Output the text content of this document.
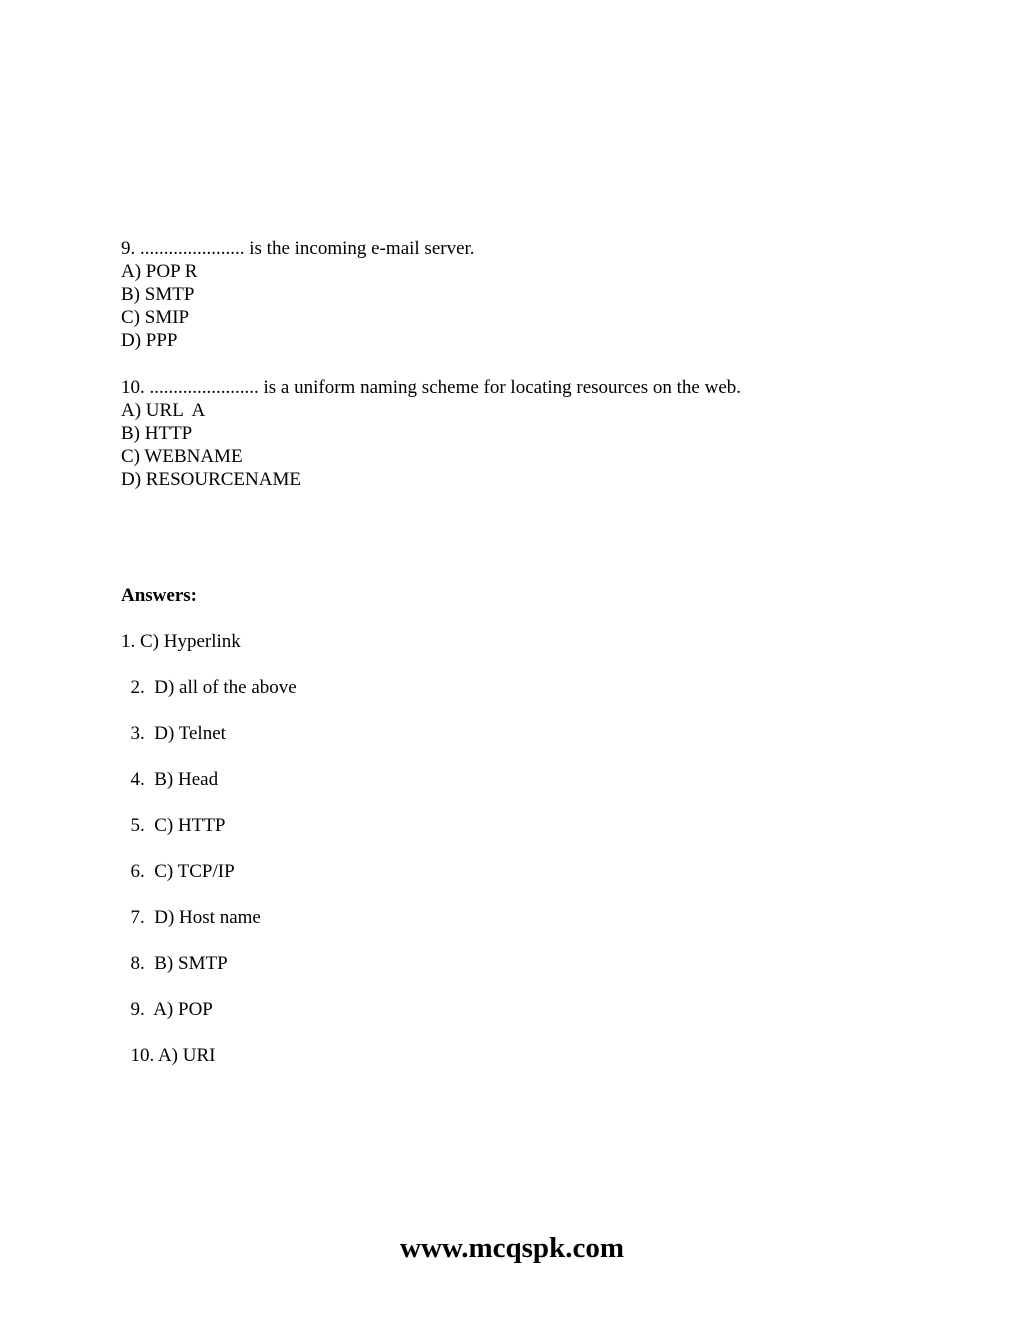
9. ...................... is the incoming e-mail server.
A) POP R
B) SMTP
C) SMIP
D) PPP
10. ....................... is a uniform naming scheme for locating resources on the web.
A) URL  A
B) HTTP
C) WEBNAME
D) RESOURCENAME
Answers:
1. C) Hyperlink
2.  D) all of the above
3.  D) Telnet
4.  B) Head
5.  C) HTTP
6.  C) TCP/IP
7.  D) Host name
8.  B) SMTP
9.  A) POP
10. A) URI
www.mcqspk.com
